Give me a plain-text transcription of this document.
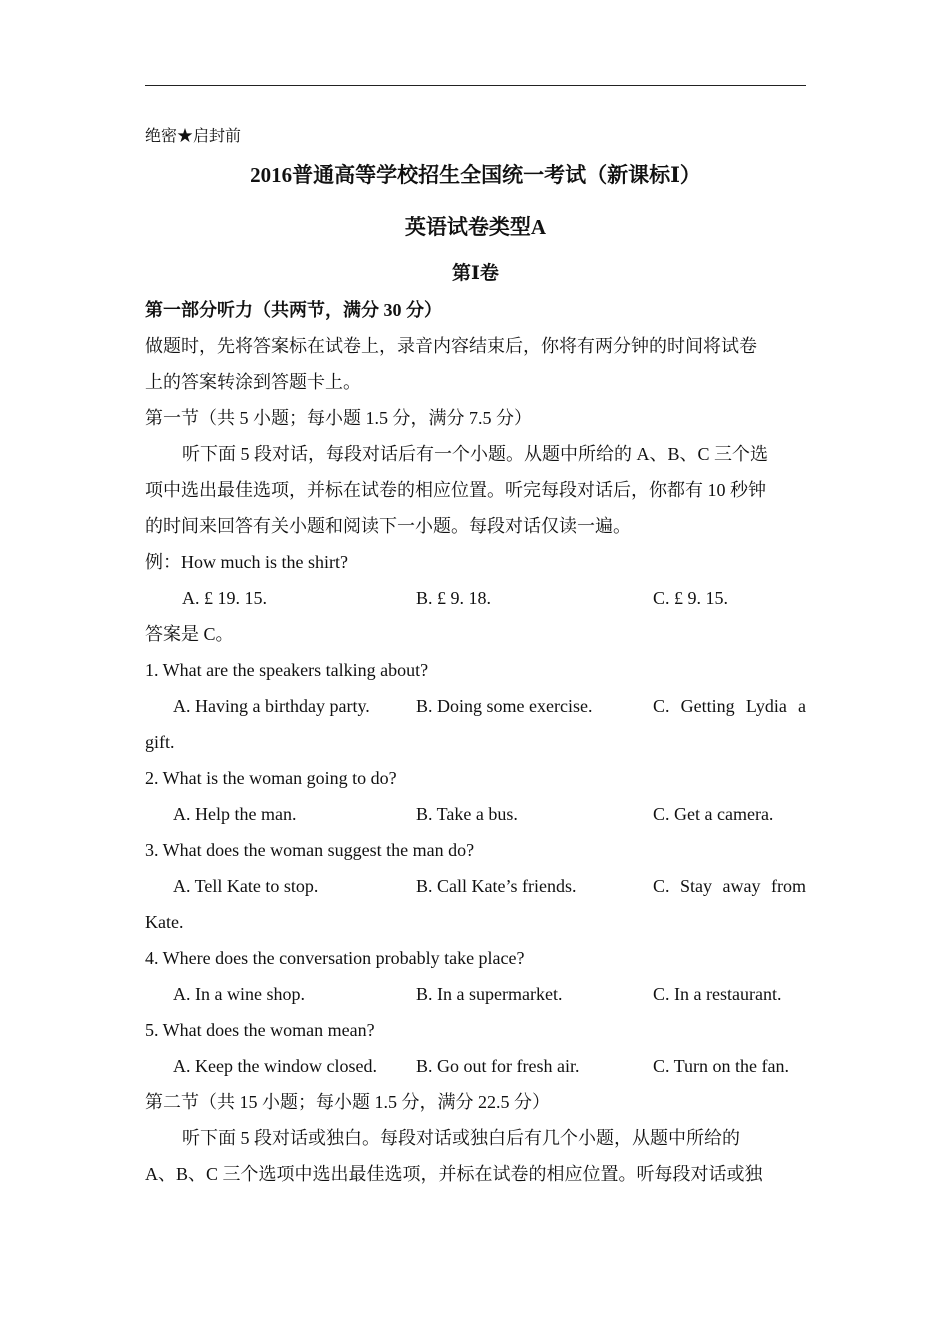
绝密★启封前
2016普通高等学校招生全国统一考试（新课标Ⅰ）
英语试卷类型A
第Ⅰ卷
第一部分听力（共两节，满分 30 分）
做题时，先将答案标在试卷上，录音内容结束后，你将有两分钟的时间将试卷
上的答案转涂到答题卡上。
第一节（共 5 小题；每小题 1.5 分，满分 7.5 分）
听下面 5 段对话，每段对话后有一个小题。从题中所给的 A、B、C 三个选
项中选出最佳选项，并标在试卷的相应位置。听完每段对话后，你都有 10 秒钟
的时间来回答有关小题和阅读下一小题。每段对话仅读一遍。
例：How much is the shirt?
A. £ 19. 15.	B. £ 9. 18.	C. £ 9. 15.
答案是 C。
1. What are the speakers talking about?
A. Having a birthday party.	B. Doing some exercise.	C. Getting Lydia a
gift.
2. What is the woman going to do?
A. Help the man.	B. Take a bus.	C. Get a camera.
3. What does the woman suggest the man do?
A. Tell Kate to stop.	B. Call Kate’s friends.	C. Stay away from
Kate.
4. Where does the conversation probably take place?
A. In a wine shop.	B. In a supermarket.	C. In a restaurant.
5. What does the woman mean?
A. Keep the window closed. B. Go out for fresh air.	C. Turn on the fan.
第二节（共 15 小题；每小题 1.5 分，满分 22.5 分）
听下面 5 段对话或独白。每段对话或独白后有几个小题，从题中所给的
A、B、C 三个选项中选出最佳选项，并标在试卷的相应位置。听每段对话或独
